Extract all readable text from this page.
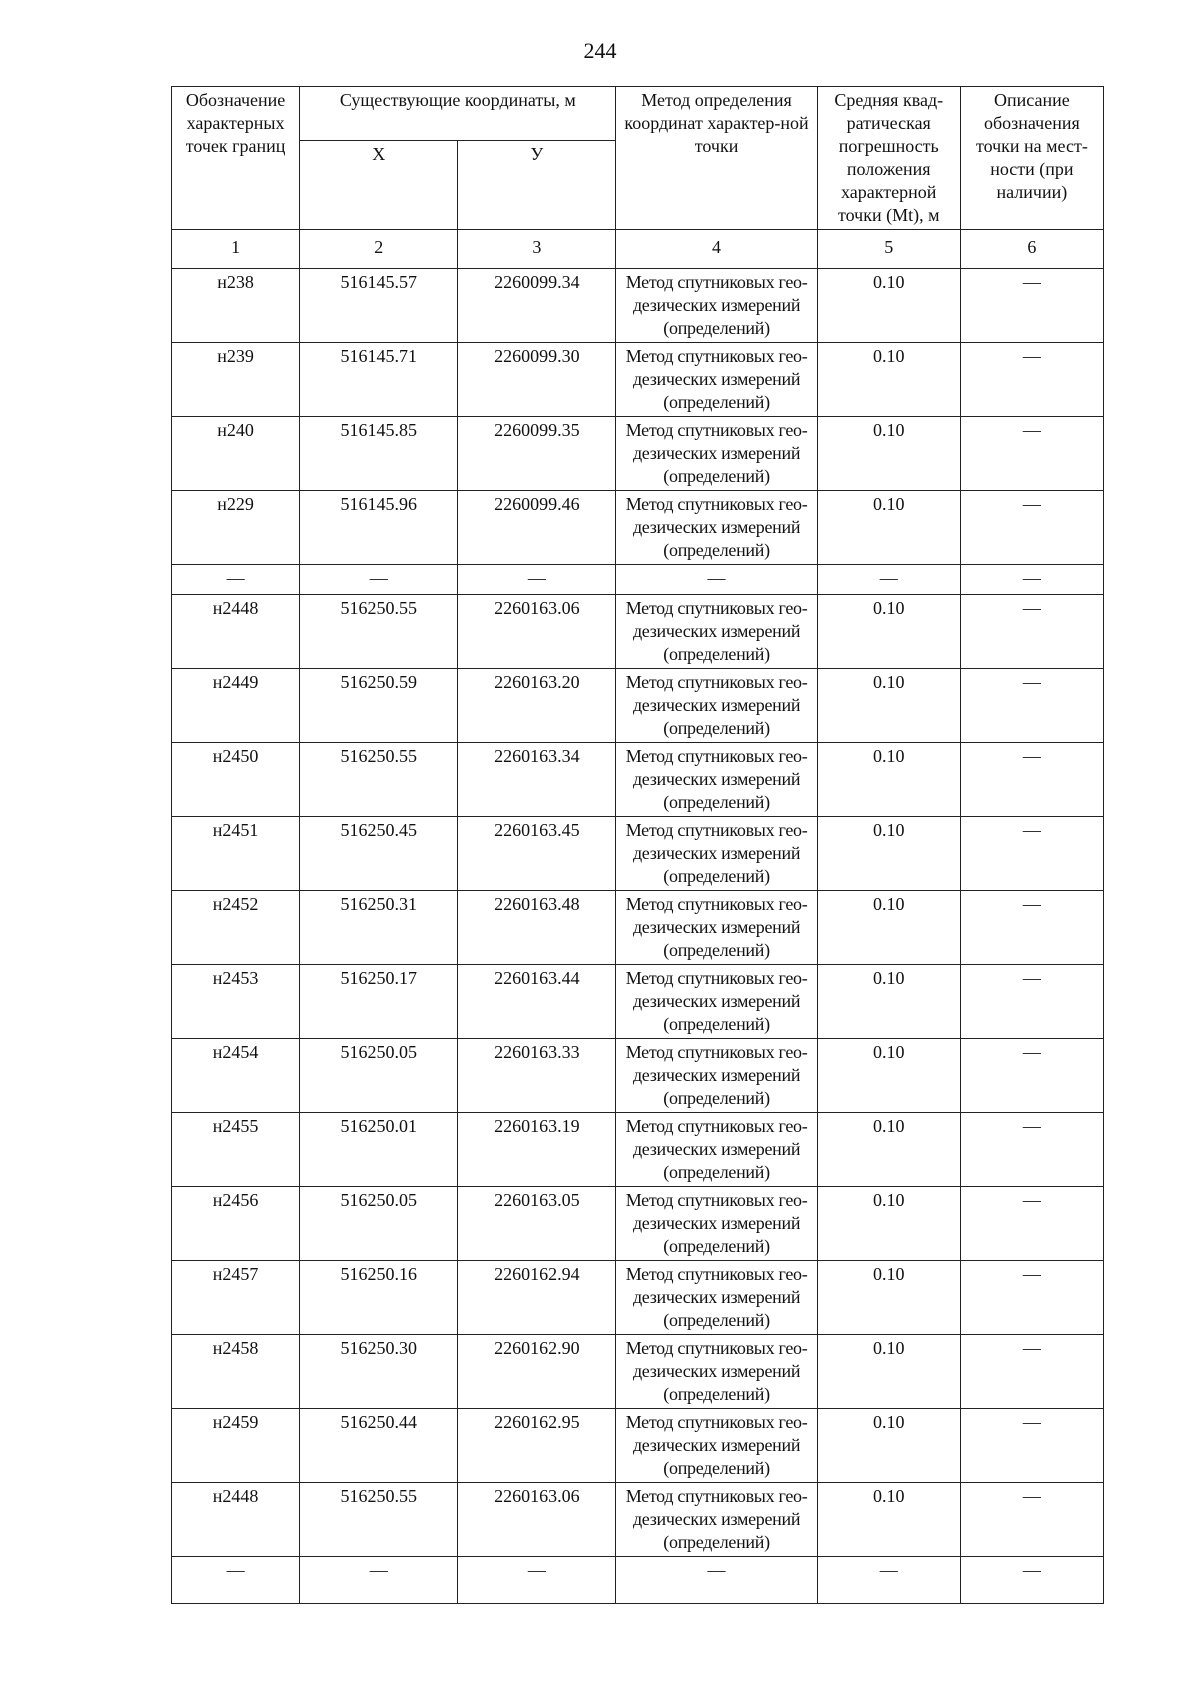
244
Обозначение характерных точек границ	Существующие координаты, м		Метод определения координат характер-ной точки	Средняя квад-ратическая погрешность положения характерной точки (Mt), м	Описание обозначения точки на мест-ности (при наличии)
	Х	У			
1	2	3	4	5	6
н238	516145.57	2260099.34	Метод спутниковых гео-дезических измерений (определений)	0.10	—
н239	516145.71	2260099.30	Метод спутниковых гео-дезических измерений (определений)	0.10	—
н240	516145.85	2260099.35	Метод спутниковых гео-дезических измерений (определений)	0.10	—
н229	516145.96	2260099.46	Метод спутниковых гео-дезических измерений (определений)	0.10	—
—	—	—	—	—	—
н2448	516250.55	2260163.06	Метод спутниковых гео-дезических измерений (определений)	0.10	—
н2449	516250.59	2260163.20	Метод спутниковых гео-дезических измерений (определений)	0.10	—
н2450	516250.55	2260163.34	Метод спутниковых гео-дезических измерений (определений)	0.10	—
н2451	516250.45	2260163.45	Метод спутниковых гео-дезических измерений (определений)	0.10	—
н2452	516250.31	2260163.48	Метод спутниковых гео-дезических измерений (определений)	0.10	—
н2453	516250.17	2260163.44	Метод спутниковых гео-дезических измерений (определений)	0.10	—
н2454	516250.05	2260163.33	Метод спутниковых гео-дезических измерений (определений)	0.10	—
н2455	516250.01	2260163.19	Метод спутниковых гео-дезических измерений (определений)	0.10	—
н2456	516250.05	2260163.05	Метод спутниковых гео-дезических измерений (определений)	0.10	—
н2457	516250.16	2260162.94	Метод спутниковых гео-дезических измерений (определений)	0.10	—
н2458	516250.30	2260162.90	Метод спутниковых гео-дезических измерений (определений)	0.10	—
н2459	516250.44	2260162.95	Метод спутниковых гео-дезических измерений (определений)	0.10	—
н2448	516250.55	2260163.06	Метод спутниковых гео-дезических измерений (определений)	0.10	—
—	—	—	—	—	—
